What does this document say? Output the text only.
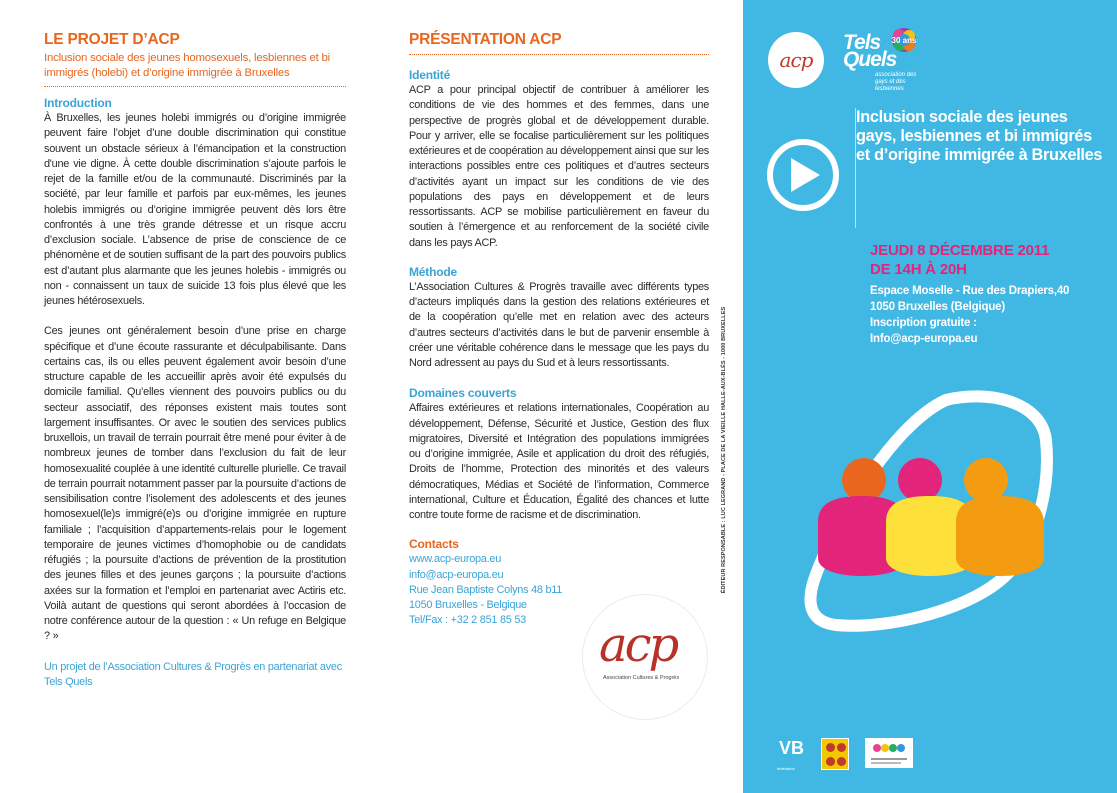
LE PROJET D’ACP
Inclusion sociale des jeunes homosexuels, lesbiennes et bi immigrés (holebi) et d’origine immigrée à Bruxelles
Introduction
À Bruxelles, les jeunes holebi immigrés ou d’origine immigrée peuvent faire l’objet d’une double discrimination qui constitue souvent un obstacle sérieux à l’émancipation et la construction d'une vie digne. À cette double discrimination s’ajoute parfois le rejet de la famille et/ou de la communauté. Discriminés par la société, par leur famille et parfois par eux-mêmes, les jeunes holebis immigrés ou d’origine immigrée peuvent dès lors être confrontés à une très grande détresse et un risque accru d’exclusion sociale. L’absence de prise de conscience de ce phénomène et de soutien suffisant de la part des pouvoirs publics est d’autant plus alarmante que les jeunes holebis - immigrés ou non - connaissent un taux de suicide 13 fois plus élevé que les jeunes hétérosexuels.
Ces jeunes ont généralement besoin d’une prise en charge spécifique et d’une écoute rassurante et déculpabilisante. Dans certains cas, ils ou elles peuvent également avoir besoin d’une structure capable de les accueillir après avoir été expulsés du domicile familial. Qu’elles viennent des pouvoirs publics ou du secteur associatif, des réponses existent mais toutes sont largement insuffisantes. Or avec le soutien des services publics bruxellois, un travail de terrain pourrait être mené pour éviter à de nombreux jeunes de tomber dans l’exclusion du fait de leur homosexualité couplée à une identité culturelle plurielle. Ce travail de terrain pourrait notamment passer par la poursuite d’actions de sensibilisation contre l’isolement des adolescents et des jeunes homosexuel(le)s immigré(e)s ou d’origine immigrée en rupture familiale ; l’acquisition d’appartements-relais pour le logement temporaire de jeunes victimes d’homophobie ou de candidats réfugiés ; la poursuite d’actions de prévention de la prostitution des jeunes filles et des jeunes garçons ; la poursuite d’actions axées sur la formation et l’emploi en partenariat avec Actiris etc. Voilà autant de questions qui seront abordées à l’occasion de notre conférence autour de la question : « Un refuge en Belgique ? »
Un projet de l’Association Cultures & Progrès en partenariat avec Tels Quels
PRÉSENTATION ACP
Identité
ACP a pour principal objectif de contribuer à améliorer les conditions de vie des hommes et des femmes, dans une perspective de progrès global et de développement durable. Pour y arriver, elle se focalise particulièrement sur les politiques extérieures et de coopération au développement ainsi que sur les interactions possibles entre ces politiques et d’autres secteurs d’activités ayant un impact sur les conditions de vie des populations des pays en développement et de leurs ressortissants. ACP se mobilise particulièrement en faveur du soutien à l’émergence et au renforcement de la société civile dans les pays ACP.
Méthode
L’Association Cultures & Progrès travaille avec différents types d’acteurs impliqués dans la gestion des relations extérieures et de la coopération qu’elle met en relation avec des acteurs d’autres secteurs d’activités dans le but de parvenir ensemble à créer une véritable cohérence dans le message que les pays du Nord adressent au pays du Sud et à leurs ressortissants.
Domaines couverts
Affaires extérieures et relations internationales, Coopération au développement, Défense, Sécurité et Justice, Gestion des flux migratoires, Diversité et Intégration des populations immigrées ou d’origine immigrée, Asile et application du droit des réfugiés, Droits de l’homme, Protection des minorités et des valeurs démocratiques, Médias et Société de l’information, Commerce international, Culture et Éducation, Égalité des chances et lutte contre toute forme de racisme et de discrimination.
Contacts
www.acp-europa.eu
info@acp-europa.eu
Rue Jean Baptiste Colyns 48 b11
1050 Bruxelles - Belgique
Tel/Fax : +32 2 851 85 53	acp
Association Cultures & Progrès
ÉDITEUR RESPONSABLE : LUC LEGRAND - PLACE DE LA VIEILLE HALLE-AUX-BLÉS - 1000 BRUXELLES
acp
30 ans
Tels Quels
association des gays et des lesbiennes
Inclusion sociale des jeunes gays, lesbiennes et bi immigrés et d’origine immigrée à Bruxelles
JEUDI 8 DÉCEMBRE 2011
DE 14H À 20H
Espace Moselle - Rue des Drapiers,40
1050 Bruxelles (Belgique)
Inscription gratuite :
Info@acp-europa.eu
VB
fédération
